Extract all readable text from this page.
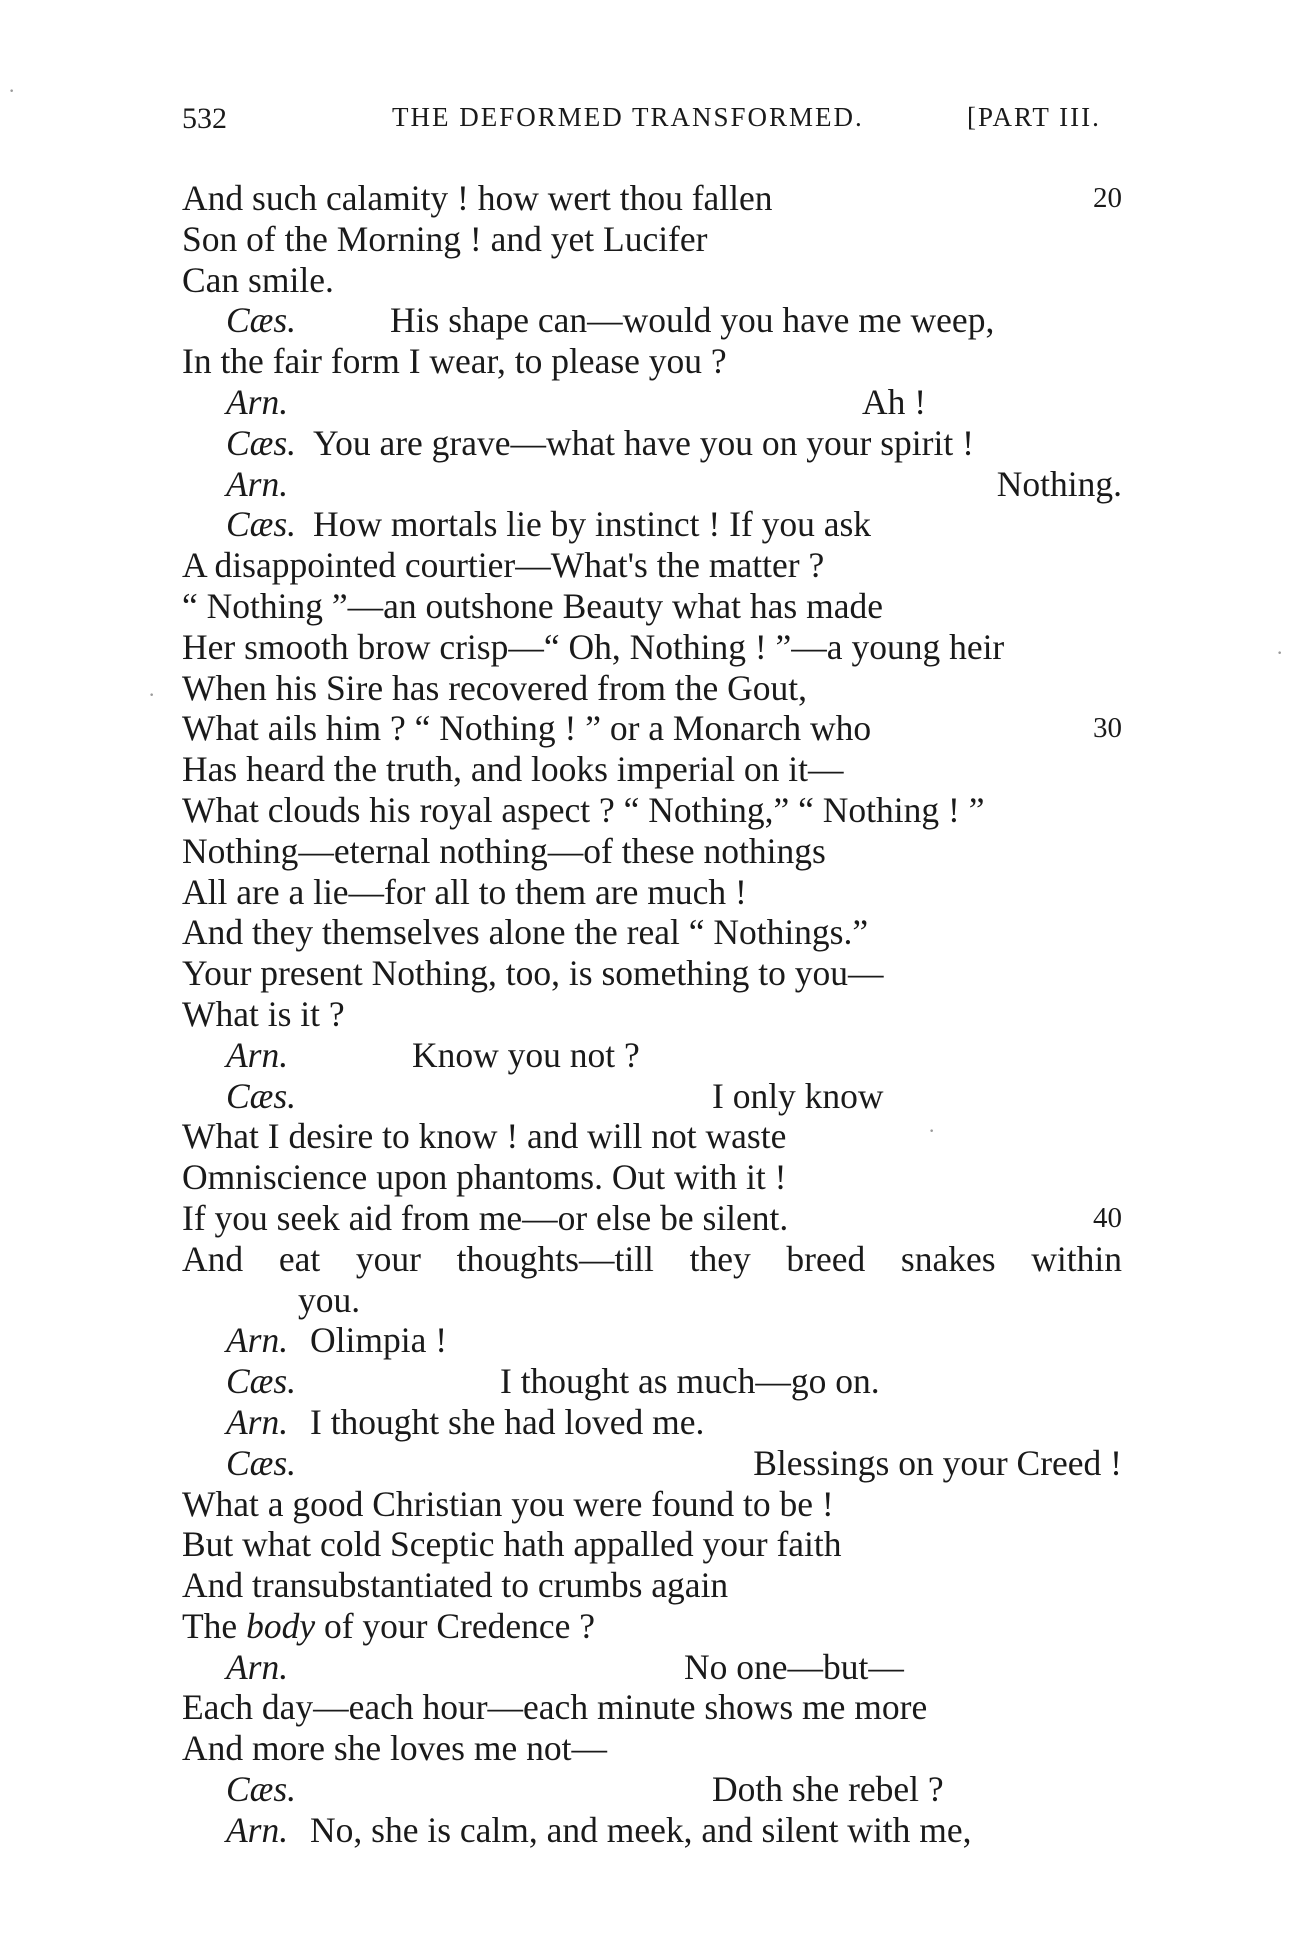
532	THE DEFORMED TRANSFORMED.	[PART III.
·
·
·
·
And such calamity ! how wert thou fallen	20
Son of the Morning ! and yet Lucifer
Can smile.
Cæs.	His shape can—would you have me weep,
In the fair form I wear, to please you ?
Arn.	Ah !
Cæs. You are grave—what have you on your spirit !
Arn.	Nothing.
Cæs. How mortals lie by instinct ! If you ask
A disappointed courtier—What's the matter ?
“ Nothing ”—an outshone Beauty what has made
Her smooth brow crisp—“ Oh, Nothing ! ”—a young heir
When his Sire has recovered from the Gout,
What ails him ? “ Nothing ! ” or a Monarch who	30
Has heard the truth, and looks imperial on it—
What clouds his royal aspect ? “ Nothing,” “ Nothing ! ”
Nothing—eternal nothing—of these nothings
All are a lie—for all to them are much !
And they themselves alone the real “ Nothings.”
Your present Nothing, too, is something to you—
What is it ?
Arn.	Know you not ?
Cæs.	I only know
What I desire to know ! and will not waste
Omniscience upon phantoms. Out with it !
If you seek aid from me—or else be silent.	40
And eat your thoughts—till they breed snakes within
you.
Arn. Olimpia !
Cæs.	I thought as much—go on.
Arn. I thought she had loved me.
Cæs.	Blessings on your Creed !
What a good Christian you were found to be !
But what cold Sceptic hath appalled your faith
And transubstantiated to crumbs again
The body of your Credence ?
Arn.	No one—but—
Each day—each hour—each minute shows me more
And more she loves me not—
Cæs.	Doth she rebel ?
Arn. No, she is calm, and meek, and silent with me,
